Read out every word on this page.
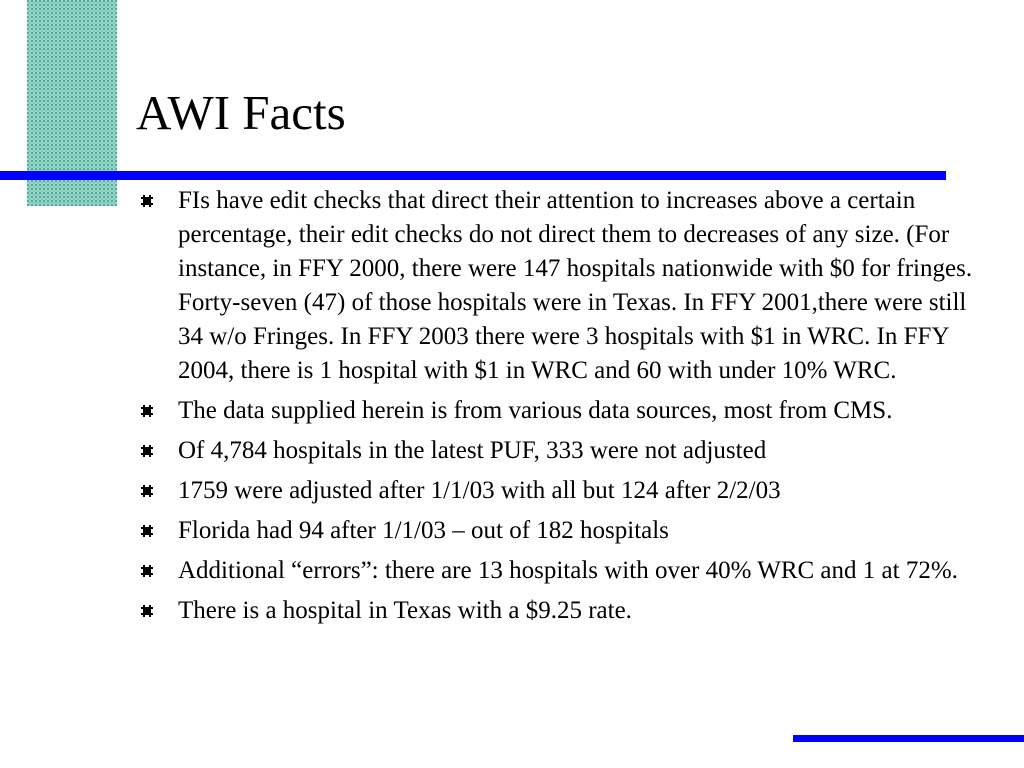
AWI Facts
FIs have edit checks that direct their attention to increases above a certain percentage, their edit checks do not direct them to decreases of any size. (For instance, in FFY 2000, there were 147 hospitals nationwide with $0 for fringes. Forty-seven (47) of those hospitals were in Texas. In FFY 2001,there were still 34 w/o Fringes. In FFY 2003 there were 3 hospitals with $1 in WRC. In FFY 2004, there is 1 hospital with $1 in WRC and 60 with under 10% WRC.
The data supplied herein is from various data sources, most from CMS.
Of 4,784 hospitals in the latest PUF, 333 were not adjusted
1759 were adjusted after 1/1/03 with all but 124 after 2/2/03
Florida had 94 after 1/1/03 – out of 182 hospitals
Additional “errors”: there are 13 hospitals with over 40% WRC and 1 at 72%.
There is a hospital in Texas with a $9.25 rate.
